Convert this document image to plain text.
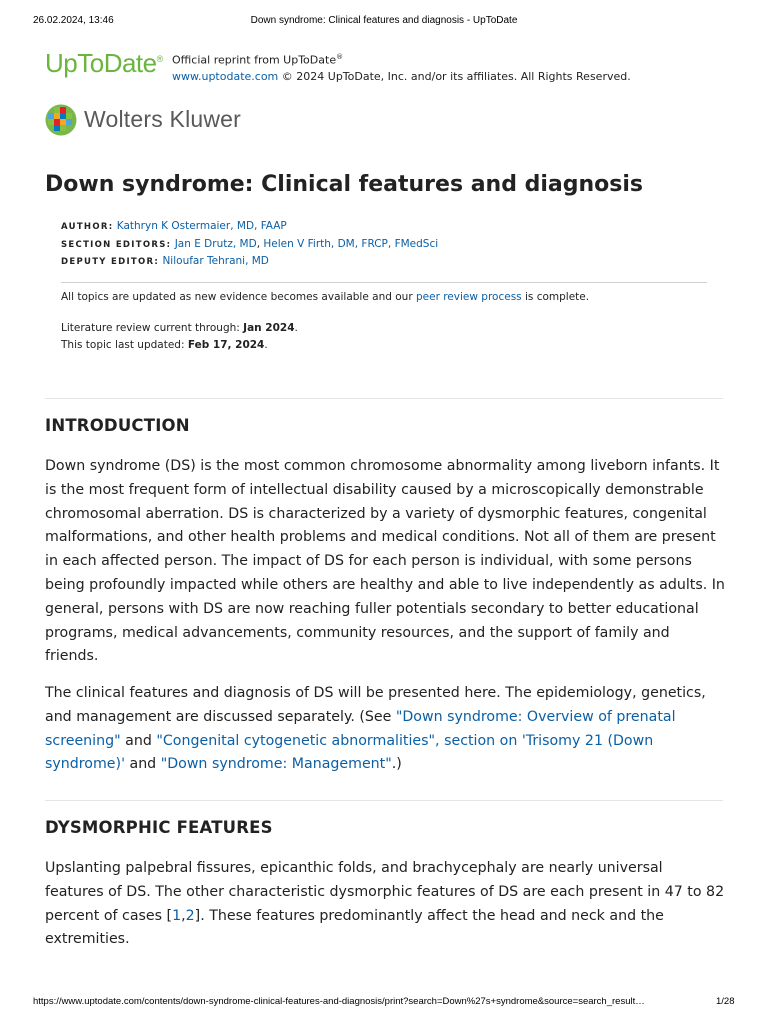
26.02.2024, 13:46	Down syndrome: Clinical features and diagnosis - UpToDate
UpToDate® Official reprint from UpToDate®
www.uptodate.com © 2024 UpToDate, Inc. and/or its affiliates. All Rights Reserved.
Wolters Kluwer
Down syndrome: Clinical features and diagnosis
AUTHOR: Kathryn K Ostermaier, MD, FAAP
SECTION EDITORS: Jan E Drutz, MD, Helen V Firth, DM, FRCP, FMedSci
DEPUTY EDITOR: Niloufar Tehrani, MD
All topics are updated as new evidence becomes available and our peer review process is complete.
Literature review current through: Jan 2024.
This topic last updated: Feb 17, 2024.
INTRODUCTION

Down syndrome (DS) is the most common chromosome abnormality among liveborn infants. It is the most frequent form of intellectual disability caused by a microscopically demonstrable chromosomal aberration. DS is characterized by a variety of dysmorphic features, congenital malformations, and other health problems and medical conditions. Not all of them are present in each affected person. The impact of DS for each person is individual, with some persons being profoundly impacted while others are healthy and able to live independently as adults. In general, persons with DS are now reaching fuller potentials secondary to better educational programs, medical advancements, community resources, and the support of family and friends.

The clinical features and diagnosis of DS will be presented here. The epidemiology, genetics, and management are discussed separately. (See "Down syndrome: Overview of prenatal screening" and "Congenital cytogenetic abnormalities", section on 'Trisomy 21 (Down syndrome)' and "Down syndrome: Management".)

DYSMORPHIC FEATURES

Upslanting palpebral fissures, epicanthic folds, and brachycephaly are nearly universal features of DS. The other characteristic dysmorphic features of DS are each present in 47 to 82 percent of cases [1,2]. These features predominantly affect the head and neck and the extremities.

https://www.uptodate.com/contents/down-syndrome-clinical-features-and-diagnosis/print?search=Down%27s+syndrome&source=search_result…	1/28
